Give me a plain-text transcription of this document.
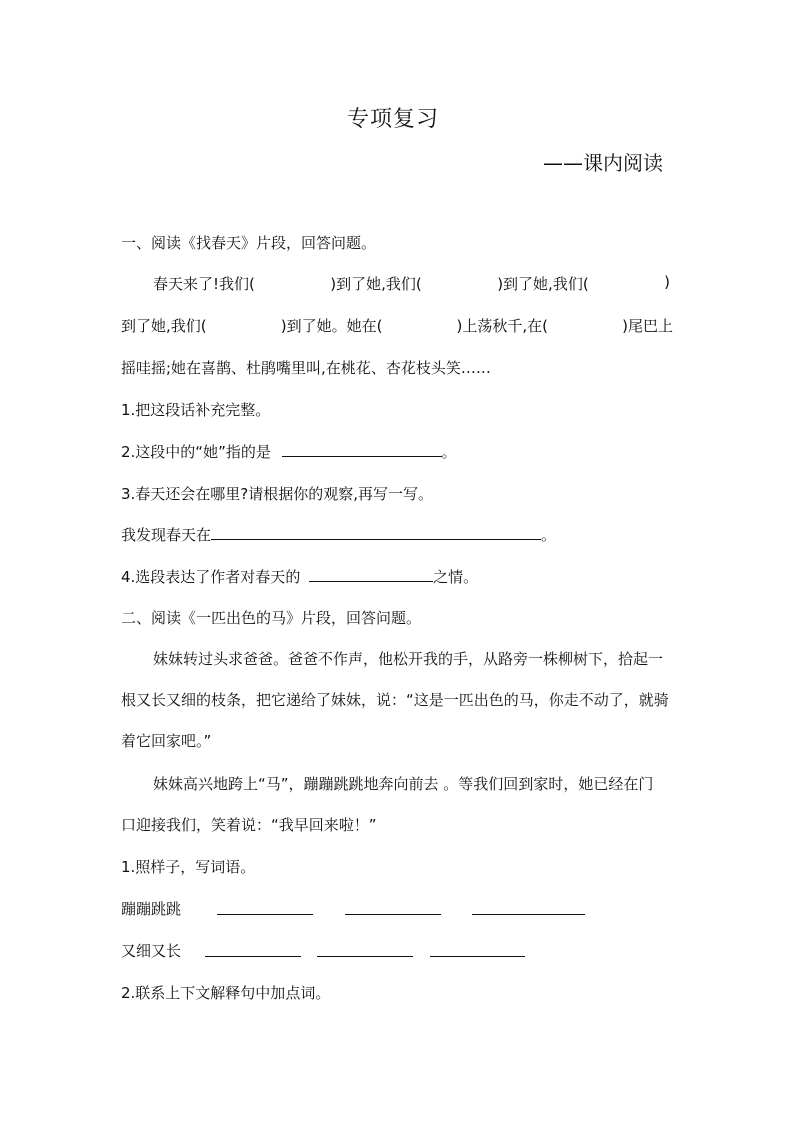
专项复习
——课内阅读
一、阅读《找春天》片段，回答问题。
春天来了!我们(	)到了她,我们(	)到了她,我们(	)
到了她,我们(	)到了她。她在(	)上荡秋千,在(	)尾巴上
摇哇摇;她在喜鹊、杜鹃嘴里叫,在桃花、杏花枝头笑……
1.把这段话补充完整。
2.这段中的“她”指的是	。
3.春天还会在哪里?请根据你的观察,再写一写。
我发现春天在	。
4.选段表达了作者对春天的	之情。
二、阅读《一匹出色的马》片段，回答问题。
妹妹转过头求爸爸。爸爸不作声，他松开我的手，从路旁一株柳树下，拾起一
根又长又细的枝条，把它递给了妹妹，说：“这是一匹出色的马，你走不动了，就骑
着它回家吧。”
妹妹高兴地跨上“马”，蹦蹦跳跳地奔向前去 。等我们回到家时，她已经在门
口迎接我们，笑着说：“我早回来啦！”
1.照样子，写词语。
蹦蹦跳跳
又细又长
2.联系上下文解释句中加点词。
